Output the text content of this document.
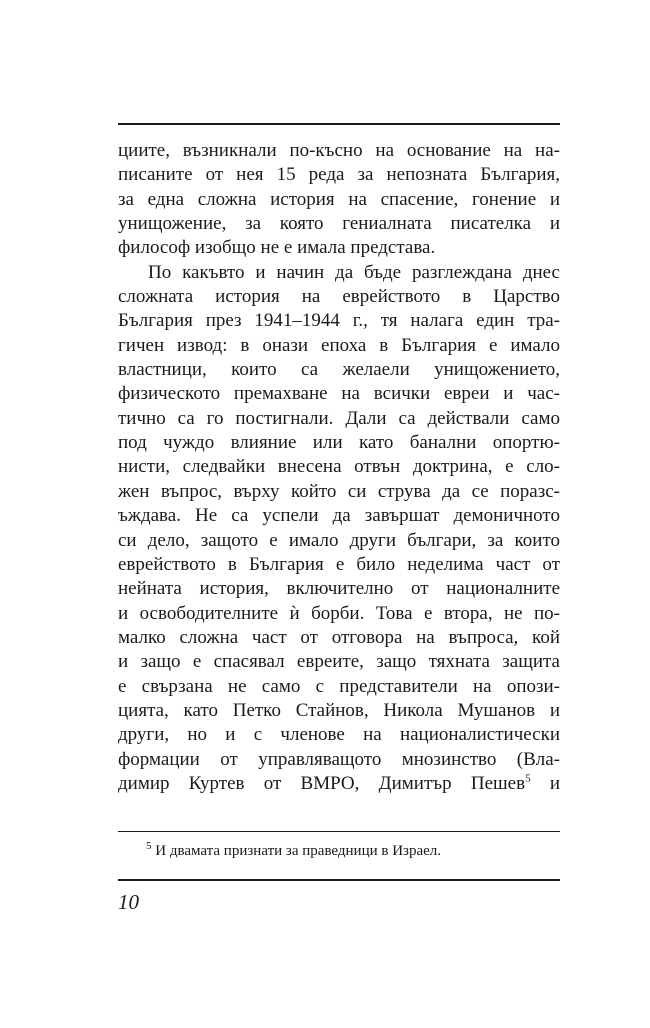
циите, възникнали по-късно на основание на на-
писаните от нея 15 реда за непозната България,
за една сложна история на спасение, гонение и
унищожение, за която гениалната писателка и
философ изобщо не е имала представа.
По какъвто и начин да бъде разглеждана днес
сложната история на еврейството в Царство
България през 1941–1944 г., тя налага един тра-
гичен извод: в онази епоха в България е имало
властници, които са желаели унищожението,
физическото премахване на всички евреи и час-
тично са го постигнали. Дали са действали само
под чуждо влияние или като банални опортю-
нисти, следвайки внесена отвън доктрина, е сло-
жен въпрос, върху който си струва да се поразс-
ъждава. Не са успели да завършат демоничното
си дело, защото е имало други българи, за които
еврейството в България е било неделима част от
нейната история, включително от националните
и освободителните ѝ борби. Това е втора, не по-
малко сложна част от отговора на въпроса, кой
и защо е спасявал евреите, защо тяхната защита
е свързана не само с представители на опози-
цията, като Петко Стайнов, Никола Мушанов и
други, но и с членове на националистически
формации от управляващото мнозинство (Вла-
димир Куртев от ВМРО, Димитър Пешев$^5$ и
$^5$ И двамата признати за праведници в Израел.
10
